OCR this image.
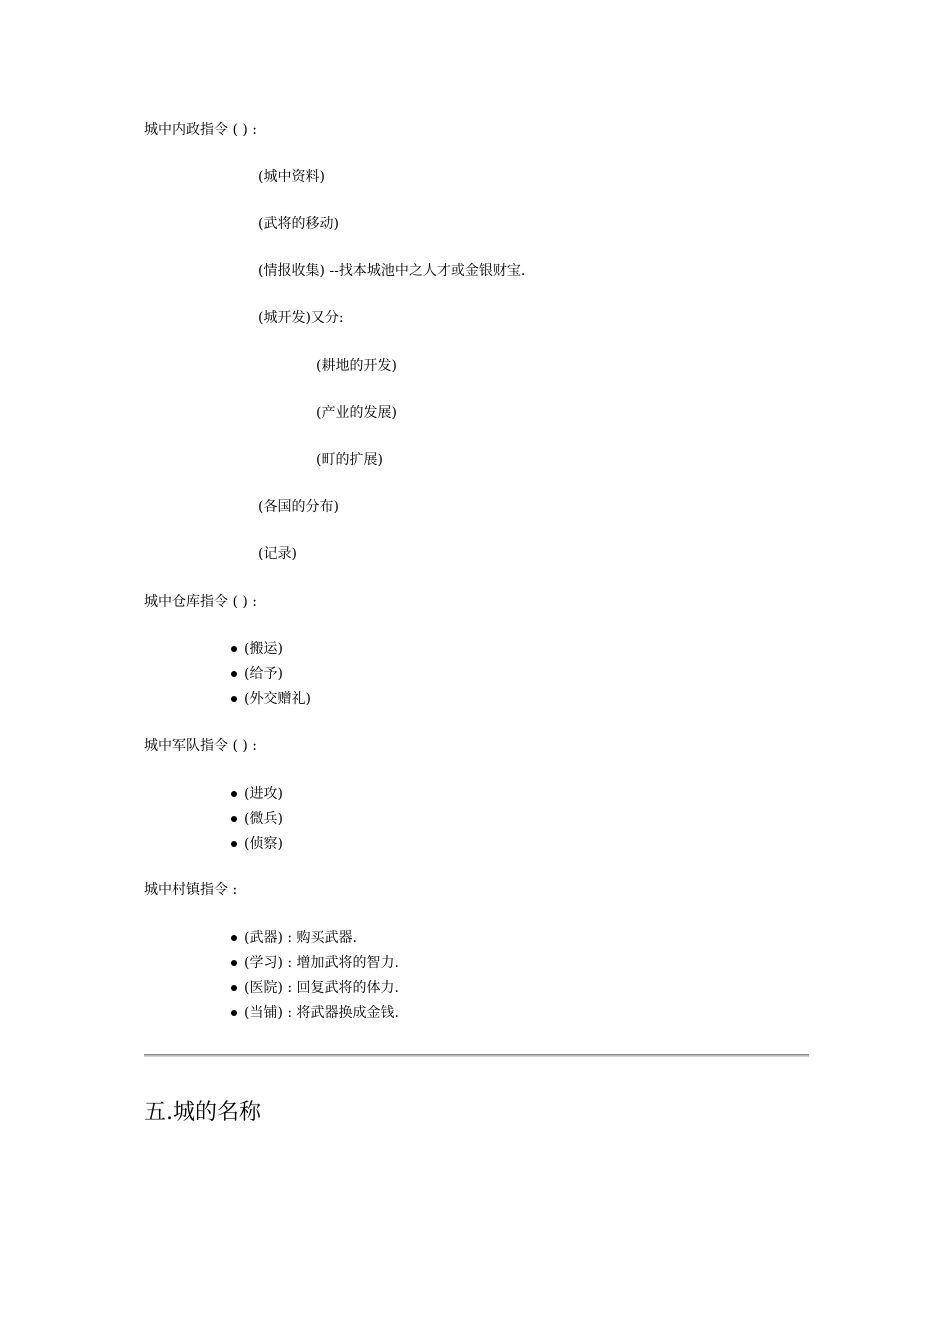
城中内政指令 ( ) :
(城中资料)
(武将的移动)
(情报收集) --找本城池中之人才或金银财宝.
(城开发)又分:
(耕地的开发)
(产业的发展)
(町的扩展)
(各国的分布)
(记录)
城中仓库指令 ( ) :
(搬运)
(给予)
(外交赠礼)
城中军队指令 ( ) :
(进攻)
(微兵)
(侦察)
城中村镇指令 :
(武器) : 购买武器.
(学习) : 增加武将的智力.
(医院) : 回复武将的体力.
(当铺) : 将武器换成金钱.
五.城的名称
